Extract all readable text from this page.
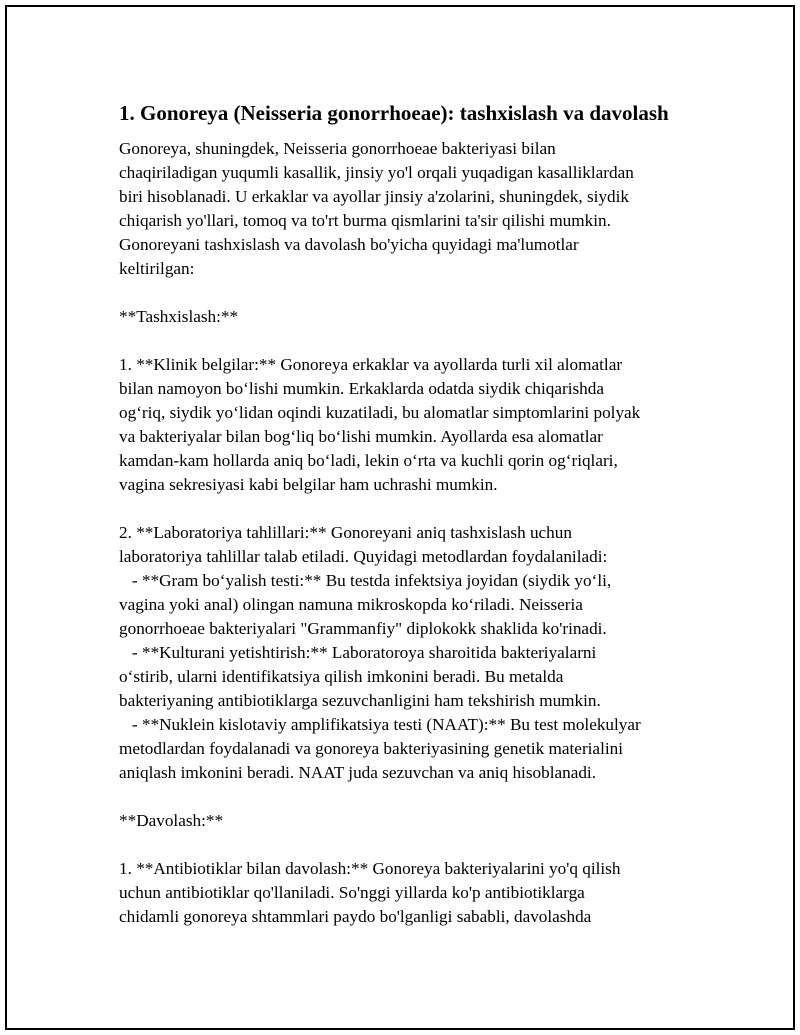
1. Gonoreya (Neisseria gonorrhoeae): tashxislash va davolash
Gonoreya, shuningdek, Neisseria gonorrhoeae bakteriyasi bilan
chaqiriladigan yuqumli kasallik, jinsiy yo'l orqali yuqadigan kasalliklardan
biri hisoblanadi. U erkaklar va ayollar jinsiy a'zolarini, shuningdek, siydik
chiqarish yo'llari, tomoq va to'rt burma qismlarini ta'sir qilishi mumkin.
Gonoreyani tashxislash va davolash bo'yicha quyidagi ma'lumotlar
keltirilgan:
**Tashxislash:**
1. **Klinik belgilar:** Gonoreya erkaklar va ayollarda turli xil alomatlar
bilan namoyon bo‘lishi mumkin. Erkaklarda odatda siydik chiqarishda
og‘riq, siydik yo‘lidan oqindi kuzatiladi, bu alomatlar simptomlarini polyak
va bakteriyalar bilan bog‘liq bo‘lishi mumkin. Ayollarda esa alomatlar
kamdan-kam hollarda aniq bo‘ladi, lekin o‘rta va kuchli qorin og‘riqlari,
vagina sekresiyasi kabi belgilar ham uchrashi mumkin.
2. **Laboratoriya tahlillari:** Gonoreyani aniq tashxislash uchun
laboratoriya tahlillar talab etiladi. Quyidagi metodlardan foydalaniladi:
- **Gram bo‘yalish testi:** Bu testda infektsiya joyidan (siydik yo‘li,
vagina yoki anal) olingan namuna mikroskopda ko‘riladi. Neisseria
gonorrhoeae bakteriyalari "Grammanfiy" diplokokk shaklida ko'rinadi.
- **Kulturani yetishtirish:** Laboratoroya sharoitida bakteriyalarni
o‘stirib, ularni identifikatsiya qilish imkonini beradi. Bu metalda
bakteriyaning antibiotiklarga sezuvchanligini ham tekshirish mumkin.
- **Nuklein kislotaviy amplifikatsiya testi (NAAT):** Bu test molekulyar
metodlardan foydalanadi va gonoreya bakteriyasining genetik materialini
aniqlash imkonini beradi. NAAT juda sezuvchan va aniq hisoblanadi.
**Davolash:**
1. **Antibiotiklar bilan davolash:** Gonoreya bakteriyalarini yo'q qilish
uchun antibiotiklar qo'llaniladi. So'nggi yillarda ko'p antibiotiklarga
chidamli gonoreya shtammlari paydo bo'lganligi sababli, davolashda
